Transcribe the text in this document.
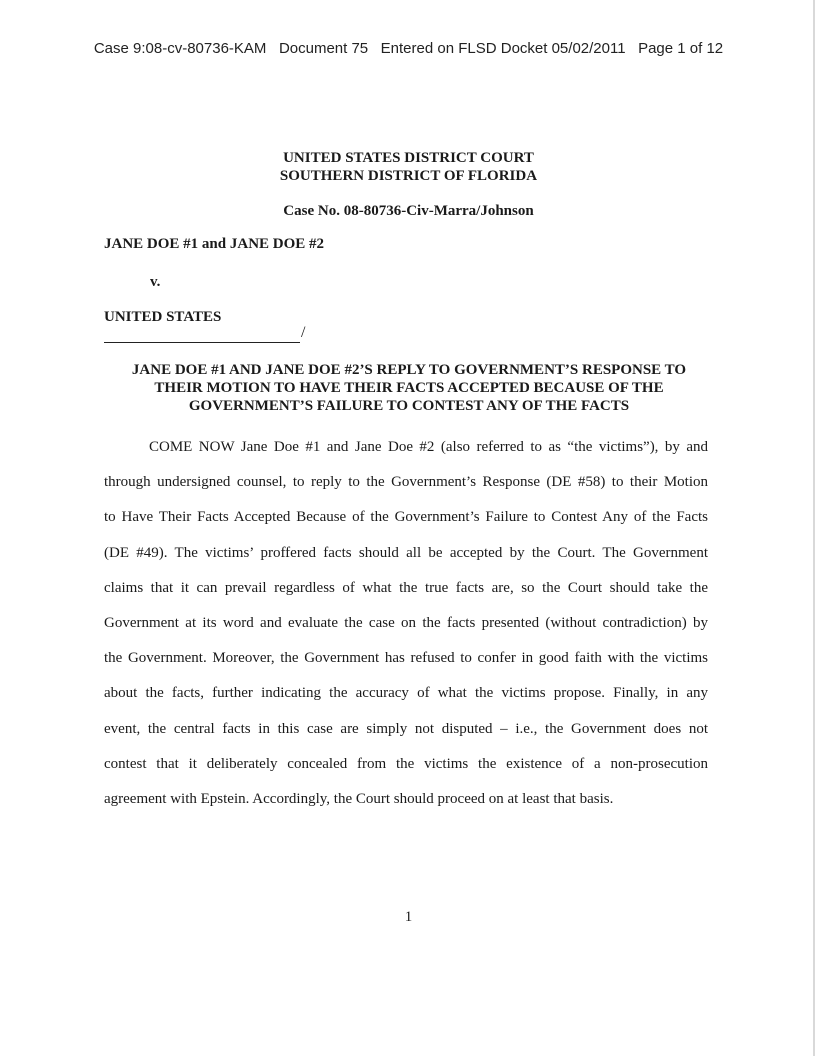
Case 9:08-cv-80736-KAM Document 75 Entered on FLSD Docket 05/02/2011 Page 1 of 12
UNITED STATES DISTRICT COURT
SOUTHERN DISTRICT OF FLORIDA
Case No. 08-80736-Civ-Marra/Johnson
JANE DOE #1 and JANE DOE #2
v.
UNITED STATES
/
JANE DOE #1 AND JANE DOE #2’S REPLY TO GOVERNMENT’S RESPONSE TO
THEIR MOTION TO HAVE THEIR FACTS ACCEPTED BECAUSE OF THE
GOVERNMENT’S FAILURE TO CONTEST ANY OF THE FACTS
COME NOW Jane Doe #1 and Jane Doe #2 (also referred to as “the victims”), by and
through undersigned counsel, to reply to the Government’s Response (DE #58) to their Motion
to Have Their Facts Accepted Because of the Government’s Failure to Contest Any of the Facts
(DE #49). The victims’ proffered facts should all be accepted by the Court. The Government
claims that it can prevail regardless of what the true facts are, so the Court should take the
Government at its word and evaluate the case on the facts presented (without contradiction) by
the Government. Moreover, the Government has refused to confer in good faith with the victims
about the facts, further indicating the accuracy of what the victims propose. Finally, in any
event, the central facts in this case are simply not disputed – i.e., the Government does not
contest that it deliberately concealed from the victims the existence of a non-prosecution
agreement with Epstein. Accordingly, the Court should proceed on at least that basis.
1
